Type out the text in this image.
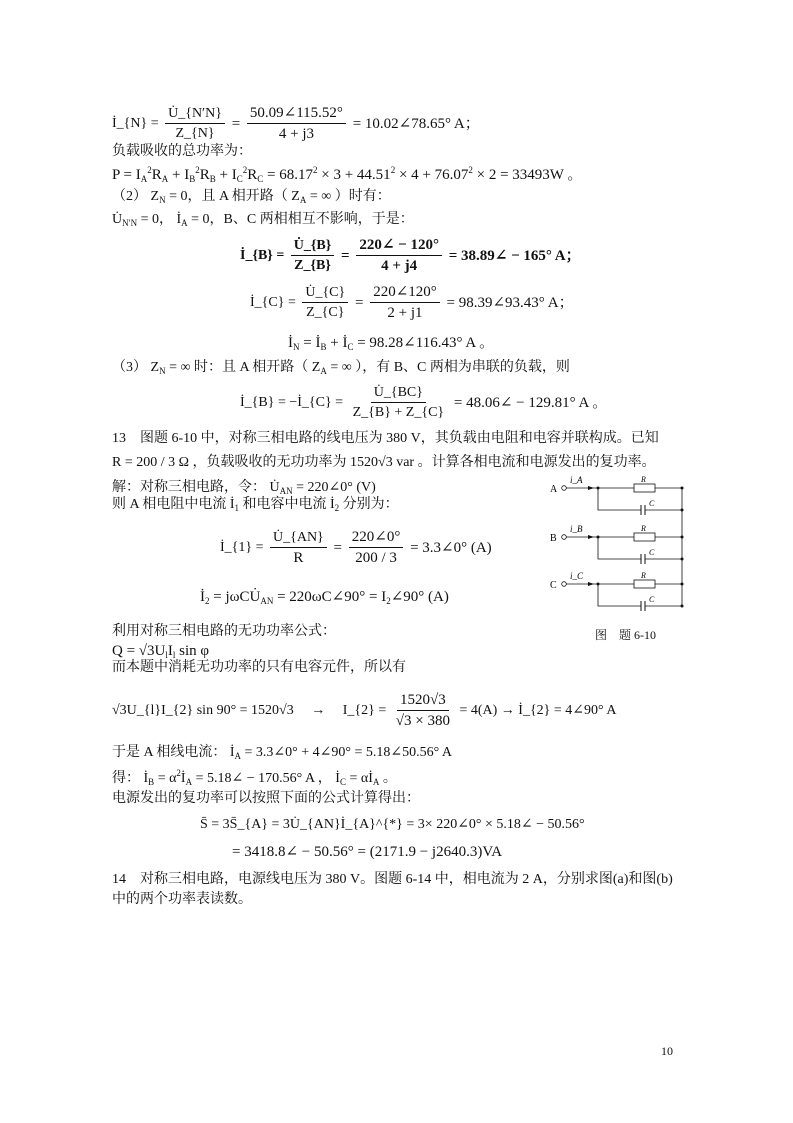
İ_{N} = $\frac{U̇\_\{N'N\}}{Z\_\{N\}} = \frac{50.09\angle 115.52^\circ}{4 + j3}$ = 10.02∠78.65° A；
负载吸收的总功率为：
$P = I_A^2R_A + I_B^2R_B + I_C^2R_C = 68.17^2 \times 3 + 44.51^2 \times 4 + 76.07^2 \times 2 = 33493W$ 。
（2） $Z_N = 0$，且 A 相开路（ $Z_A$ = ∞ ）时有：
$U̇_{N'N} = 0$， $İ_A = 0$，B、C 两相相互不影响，于是：
İ_{B} = $\frac{U̇\_\{B\}}{Z\_\{B\}} = \frac{220\angle - 120^\circ}{4 + j4}$ = 38.89∠ − 165° A；
İ_{C} = $\frac{U̇\_\{C\}}{Z\_\{C\}} = \frac{220\angle 120^\circ}{2 + j1}$ = 98.39∠93.43° A；
$İ_N$ = $İ_B$ + $İ_C$ = 98.28∠116.43° A 。
（3） $Z_N$ = ∞ 时：且 A 相开路（ $Z_A$ = ∞ ），有 B、C 两相为串联的负载，则
İ_{B} = −İ_{C} = $\frac{U̇\_\{BC\}}{Z\_\{B\} + Z\_\{C\}}$ = 48.06∠ − 129.81° A 。
13　图题 6-10 中，对称三相电路的线电压为 380 V，其负载由电阻和电容并联构成。已知
R = 200 / 3 Ω ，负载吸收的无功功率为 1520√3 var 。计算各相电流和电源发出的复功率。
解：对称三相电路，令： $U̇_{AN}$ = 220∠0° (V)
则 A 相电阻中电流 $İ_1$ 和电容中电流 $İ_2$ 分别为：
İ_{1} = $\frac{U̇\_\{AN\}}{R} = \frac{220\angle 0^\circ}{200 / 3}$ = 3.3∠0° (A)
$İ_2$ = $j\omega CU̇_{AN}$ = 220ωC∠90° = $I_2\angle 90^\circ$ (A)
利用对称三相电路的无功功率公式：
$Q = √3U_lI_l$ sin φ
而本题中消耗无功功率的只有电容元件，所以有
√3U_{l}I_{2} sin 90° = 1520√3　 →　 I_{2} = $\frac{1520√3}{√3 \times 380} = 4(A)$ → İ_{2} = 4∠90° A
于是 A 相线电流： $İ_A$ = 3.3∠0° + 4∠90° = 5.18∠50.56° A
得： $İ_B$ = $\alpha^2İ_A$ = 5.18∠ − 170.56° A ， $İ_C$ = $\alpha İ_A$ 。
电源发出的复功率可以按照下面的公式计算得出：
S̄ = 3S̄_{A} = 3U̇_{AN}İ_{A}^{*} = 3× 220∠0° × 5.18∠ − 50.56°
= 3418.8∠ − 50.56° = (2171.9 − j2640.3)VA
14　对称三相电路，电源线电压为 380 V。图题 6-14 中，相电流为 2 A，分别求图(a)和图(b)
中的两个功率表读数。
A
i_A	R
C
B
i_B	R
C
C
i_C	R
C
图　题 6-10
10
